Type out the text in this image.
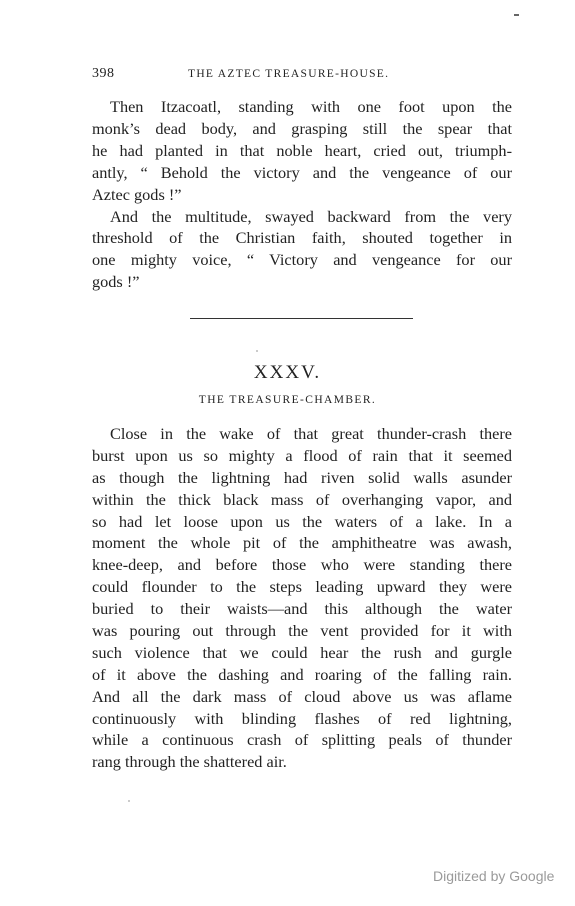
398	THE AZTEC TREASURE-HOUSE.
Then Itzacoatl, standing with one foot upon the
monk’s dead body, and grasping still the spear that
he had planted in that noble heart, cried out, triumph-
antly, “ Behold the victory and the vengeance of our
Aztec gods !”
And the multitude, swayed backward from the very
threshold of the Christian faith, shouted together in
one mighty voice, “ Victory and vengeance for our
gods !”
XXXV.
THE TREASURE-CHAMBER.
Close in the wake of that great thunder-crash there
burst upon us so mighty a flood of rain that it seemed
as though the lightning had riven solid walls asunder
within the thick black mass of overhanging vapor, and
so had let loose upon us the waters of a lake. In a
moment the whole pit of the amphitheatre was awash,
knee-deep, and before those who were standing there
could flounder to the steps leading upward they were
buried to their waists—and this although the water
was pouring out through the vent provided for it with
such violence that we could hear the rush and gurgle
of it above the dashing and roaring of the falling rain.
And all the dark mass of cloud above us was aflame
continuously with blinding flashes of red lightning,
while a continuous crash of splitting peals of thunder
rang through the shattered air.
Digitized by Google
